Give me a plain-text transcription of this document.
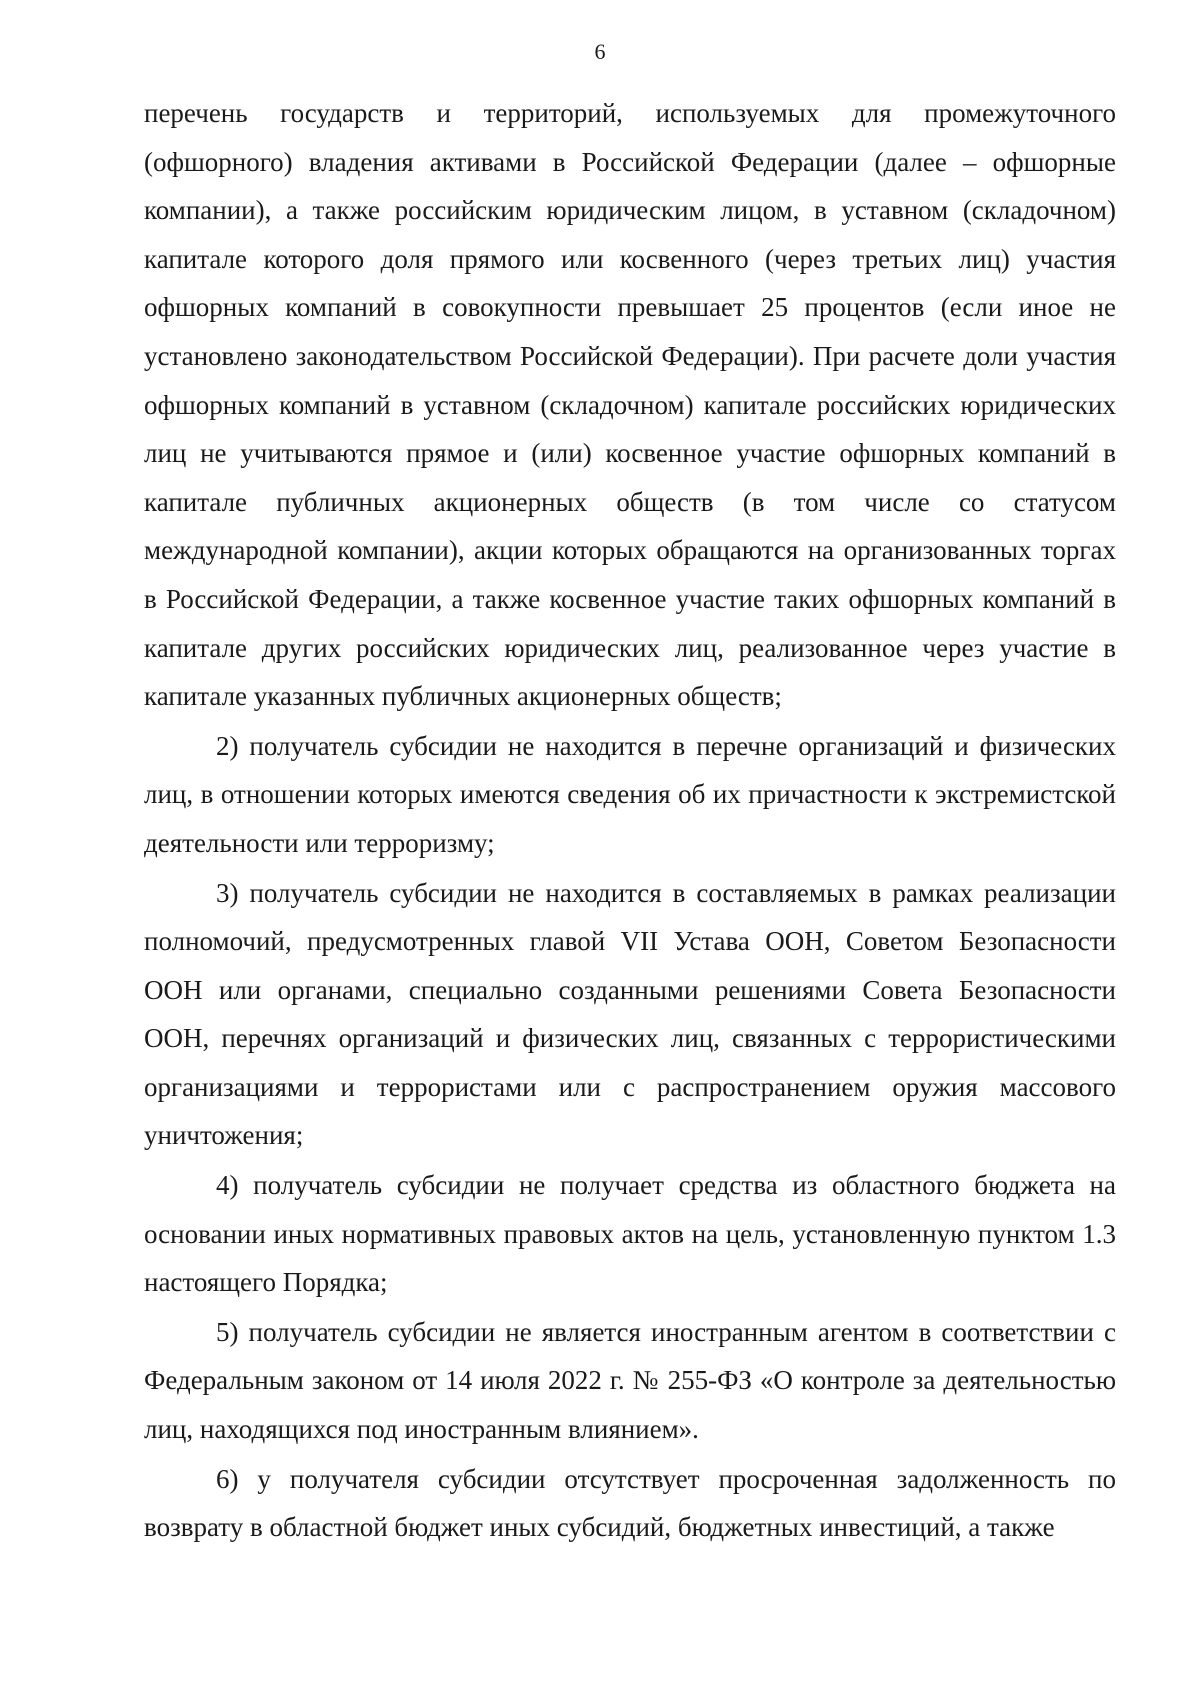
6

перечень государств и территорий, используемых для промежуточного (офшорного) владения активами в Российской Федерации (далее – офшорные компании), а также российским юридическим лицом, в уставном (складочном) капитале которого доля прямого или косвенного (через третьих лиц) участия офшорных компаний в совокупности превышает 25 процентов (если иное не установлено законодательством Российской Федерации). При расчете доли участия офшорных компаний в уставном (складочном) капитале российских юридических лиц не учитываются прямое и (или) косвенное участие офшорных компаний в капитале публичных акционерных обществ (в том числе со статусом международной компании), акции которых обращаются на организованных торгах в Российской Федерации, а также косвенное участие таких офшорных компаний в капитале других российских юридических лиц, реализованное через участие в капитале указанных публичных акционерных обществ;

2) получатель субсидии не находится в перечне организаций и физических лиц, в отношении которых имеются сведения об их причастности к экстремистской деятельности или терроризму;

3) получатель субсидии не находится в составляемых в рамках реализации полномочий, предусмотренных главой VII Устава ООН, Советом Безопасности ООН или органами, специально созданными решениями Совета Безопасности ООН, перечнях организаций и физических лиц, связанных с террористическими организациями и террористами или с распространением оружия массового уничтожения;

4) получатель субсидии не получает средства из областного бюджета на основании иных нормативных правовых актов на цель, установленную пунктом 1.3 настоящего Порядка;

5) получатель субсидии не является иностранным агентом в соответствии с Федеральным законом от 14 июля 2022 г. № 255-ФЗ «О контроле за деятельностью лиц, находящихся под иностранным влиянием».

6) у получателя субсидии отсутствует просроченная задолженность по возврату в областной бюджет иных субсидий, бюджетных инвестиций, а также
